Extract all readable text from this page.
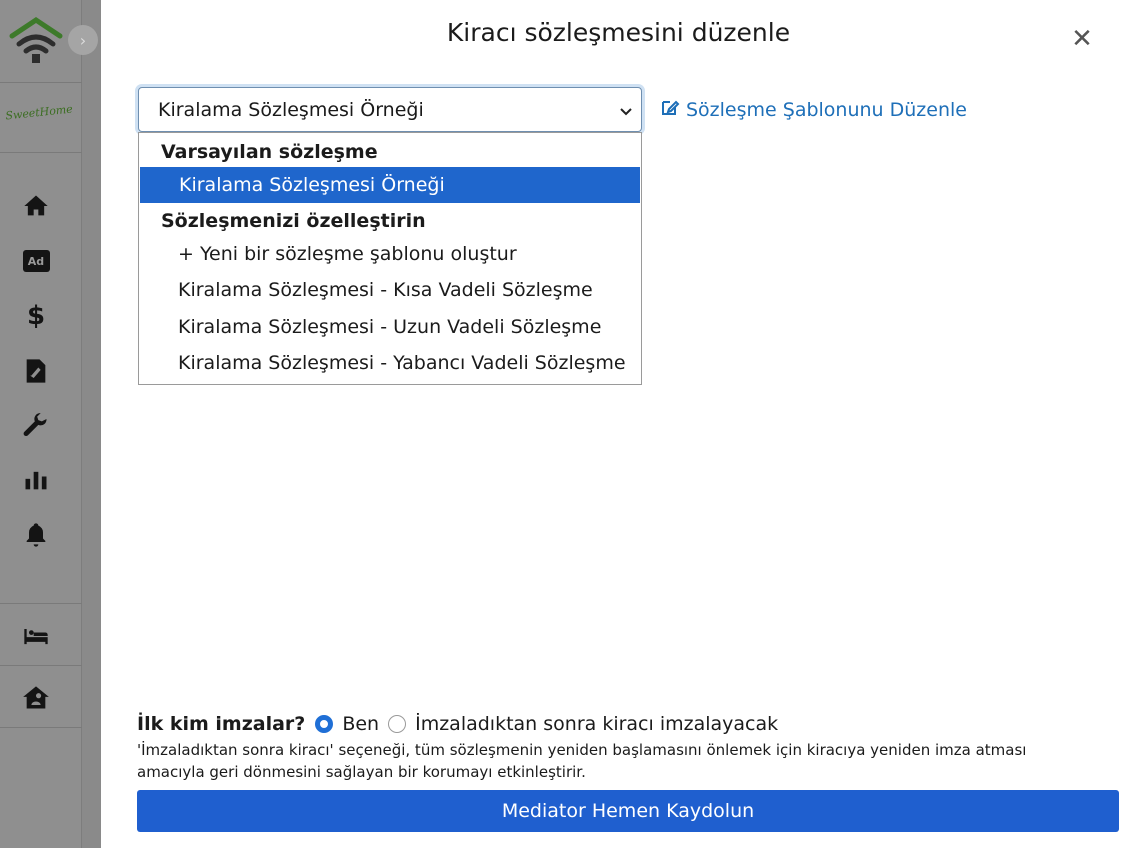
›
SweetHome
Ad
$
Kiracı sözleşmesini düzenle	✕
Kiralama Sözleşmesi Örneği	Sözleşme Şablonunu Düzenle
Varsayılan sözleşme
Kiralama Sözleşmesi Örneği
Sözleşmenizi özelleştirin
+ Yeni bir sözleşme şablonu oluştur
Kiralama Sözleşmesi - Kısa Vadeli Sözleşme
Kiralama Sözleşmesi - Uzun Vadeli Sözleşme
Kiralama Sözleşmesi - Yabancı Vadeli Sözleşme
İlk kim imzalar? Ben İmzaladıktan sonra kiracı imzalayacak
'İmzaladıktan sonra kiracı' seçeneği, tüm sözleşmenin yeniden başlamasını önlemek için kiracıya yeniden imza atması amacıyla geri dönmesini sağlayan bir korumayı etkinleştirir.
Mediator Hemen Kaydolun
